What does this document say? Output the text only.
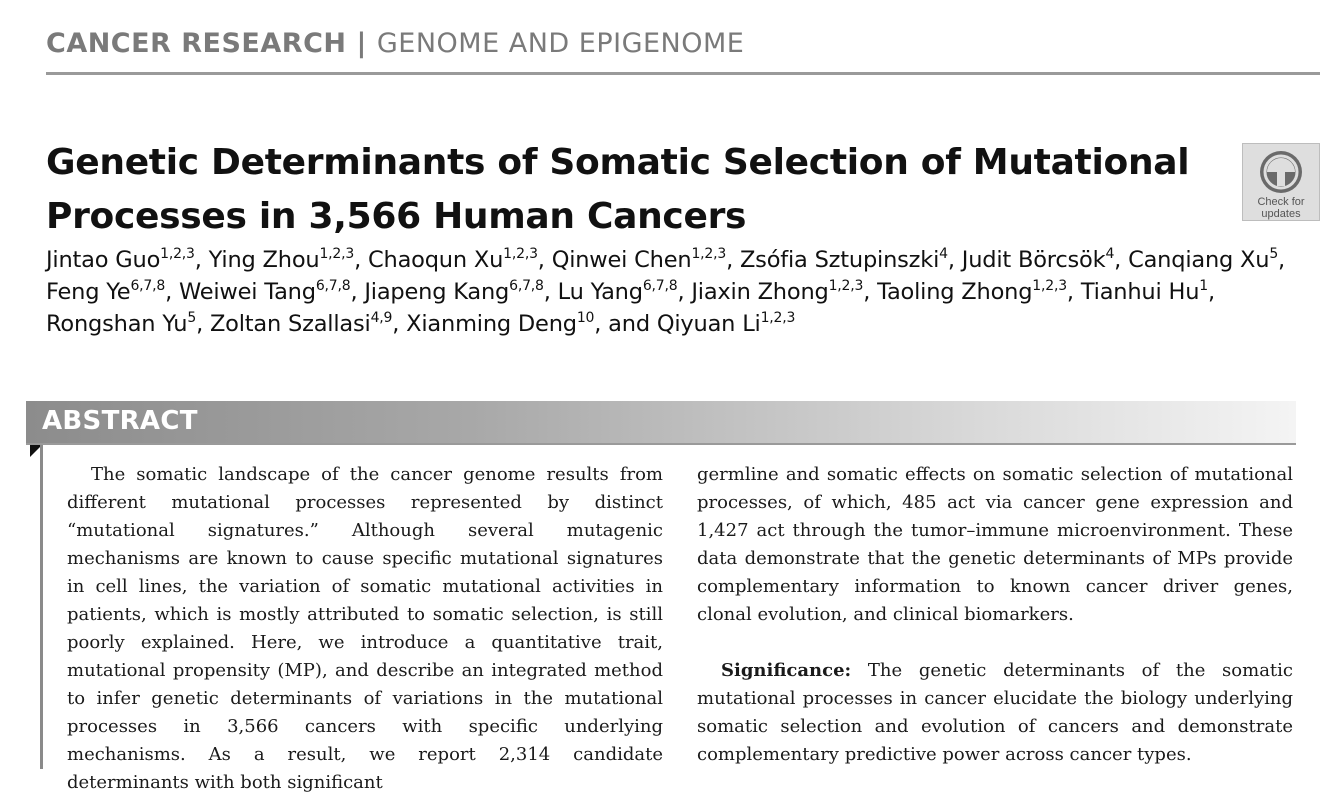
CANCER RESEARCH | GENOME AND EPIGENOME
Genetic Determinants of Somatic Selection of Mutational Processes in 3,566 Human Cancers	Check for
updates
Jintao Guo$^{1,2,3}$, Ying Zhou$^{1,2,3}$, Chaoqun Xu$^{1,2,3}$, Qinwei Chen$^{1,2,3}$, Zsófia Sztupinszki$^4$, Judit Börcsök$^4$, Canqiang Xu$^5$, Feng Ye$^{6,7,8}$, Weiwei Tang$^{6,7,8}$, Jiapeng Kang$^{6,7,8}$, Lu Yang$^{6,7,8}$, Jiaxin Zhong$^{1,2,3}$, Taoling Zhong$^{1,2,3}$, Tianhui Hu$^1$, Rongshan Yu$^5$, Zoltan Szallasi$^{4,9}$, Xianming Deng$^{10}$, and Qiyuan Li$^{1,2,3}$
ABSTRACT

The somatic landscape of the cancer genome results from different mutational processes represented by distinct “mutational signatures.” Although several mutagenic mechanisms are known to cause specific mutational signatures in cell lines, the variation of somatic mutational activities in patients, which is mostly attributed to somatic selection, is still poorly explained. Here, we introduce a quantitative trait, mutational propensity (MP), and describe an integrated method to infer genetic determinants of variations in the mutational processes in 3,566 cancers with specific underlying mechanisms. As a result, we report 2,314 candidate determinants with both significant

germline and somatic effects on somatic selection of mutational processes, of which, 485 act via cancer gene expression and 1,427 act through the tumor–immune microenvironment. These data demonstrate that the genetic determinants of MPs provide complementary information to known cancer driver genes, clonal evolution, and clinical biomarkers.

Significance: The genetic determinants of the somatic mutational processes in cancer elucidate the biology underlying somatic selection and evolution of cancers and demonstrate complementary predictive power across cancer types.
